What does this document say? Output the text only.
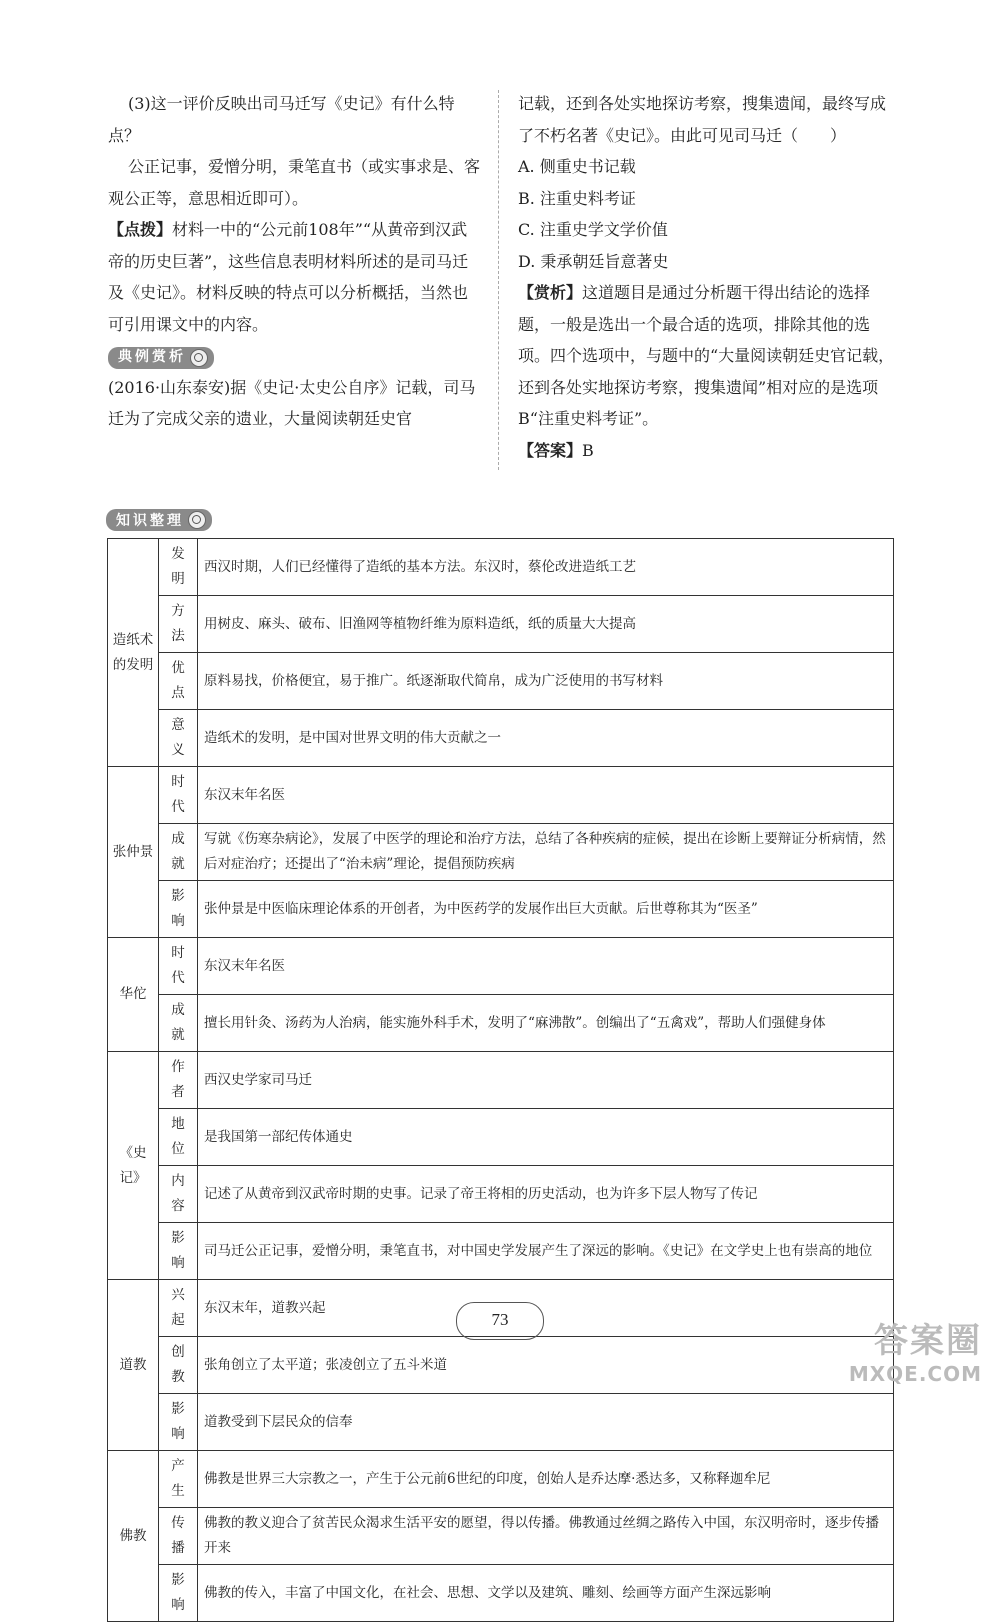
(3)这一评价反映出司马迁写《史记》有什么特点？

公正记事，爱憎分明，秉笔直书（或实事求是、客观公正等，意思相近即可）。

【点拨】材料一中的“公元前108年”“从黄帝到汉武帝的历史巨著”，这些信息表明材料所述的是司马迁及《史记》。材料反映的特点可以分析概括，当然也可引用课文中的内容。

典例赏析

(2016·山东泰安)据《史记·太史公自序》记载，司马迁为了完成父亲的遗业，大量阅读朝廷史官

记载，还到各处实地探访考察，搜集遗闻，最终写成了不朽名著《史记》。由此可见司马迁（　　）

A. 侧重史书记载

B. 注重史料考证

C. 注重史学文学价值

D. 秉承朝廷旨意著史

【赏析】这道题目是通过分析题干得出结论的选择题，一般是选出一个最合适的选项，排除其他的选项。四个选项中，与题中的“大量阅读朝廷史官记载，还到各处实地探访考察，搜集遗闻”相对应的是选项B“注重史料考证”。

【答案】B

知识整理
造纸术的发明	发明	西汉时期，人们已经懂得了造纸的基本方法。东汉时，蔡伦改进造纸工艺
	方法	用树皮、麻头、破布、旧渔网等植物纤维为原料造纸，纸的质量大大提高
	优点	原料易找，价格便宜，易于推广。纸逐渐取代简帛，成为广泛使用的书写材料
	意义	造纸术的发明，是中国对世界文明的伟大贡献之一
张仲景	时代	东汉末年名医
	成就	写就《伤寒杂病论》，发展了中医学的理论和治疗方法，总结了各种疾病的症候，提出在诊断上要辩证分析病情，然后对症治疗；还提出了“治未病”理论，提倡预防疾病
	影响	张仲景是中医临床理论体系的开创者，为中医药学的发展作出巨大贡献。后世尊称其为“医圣”
华佗	时代	东汉末年名医
	成就	擅长用针灸、汤药为人治病，能实施外科手术，发明了“麻沸散”。创编出了“五禽戏”，帮助人们强健身体
《史记》	作者	西汉史学家司马迁
	地位	是我国第一部纪传体通史
	内容	记述了从黄帝到汉武帝时期的史事。记录了帝王将相的历史活动，也为许多下层人物写了传记
	影响	司马迁公正记事，爱憎分明，秉笔直书，对中国史学发展产生了深远的影响。《史记》在文学史上也有崇高的地位
道教	兴起	东汉末年，道教兴起
	创教	张角创立了太平道；张凌创立了五斗米道
	影响	道教受到下层民众的信奉
佛教	产生	佛教是世界三大宗教之一，产生于公元前6世纪的印度，创始人是乔达摩·悉达多，又称释迦牟尼
	传播	佛教的教义迎合了贫苦民众渴求生活平安的愿望，得以传播。佛教通过丝绸之路传入中国，东汉明帝时，逐步传播开来
	影响	佛教的传入，丰富了中国文化，在社会、思想、文学以及建筑、雕刻、绘画等方面产生深远影响
73
答案圈
MXQE.COM
